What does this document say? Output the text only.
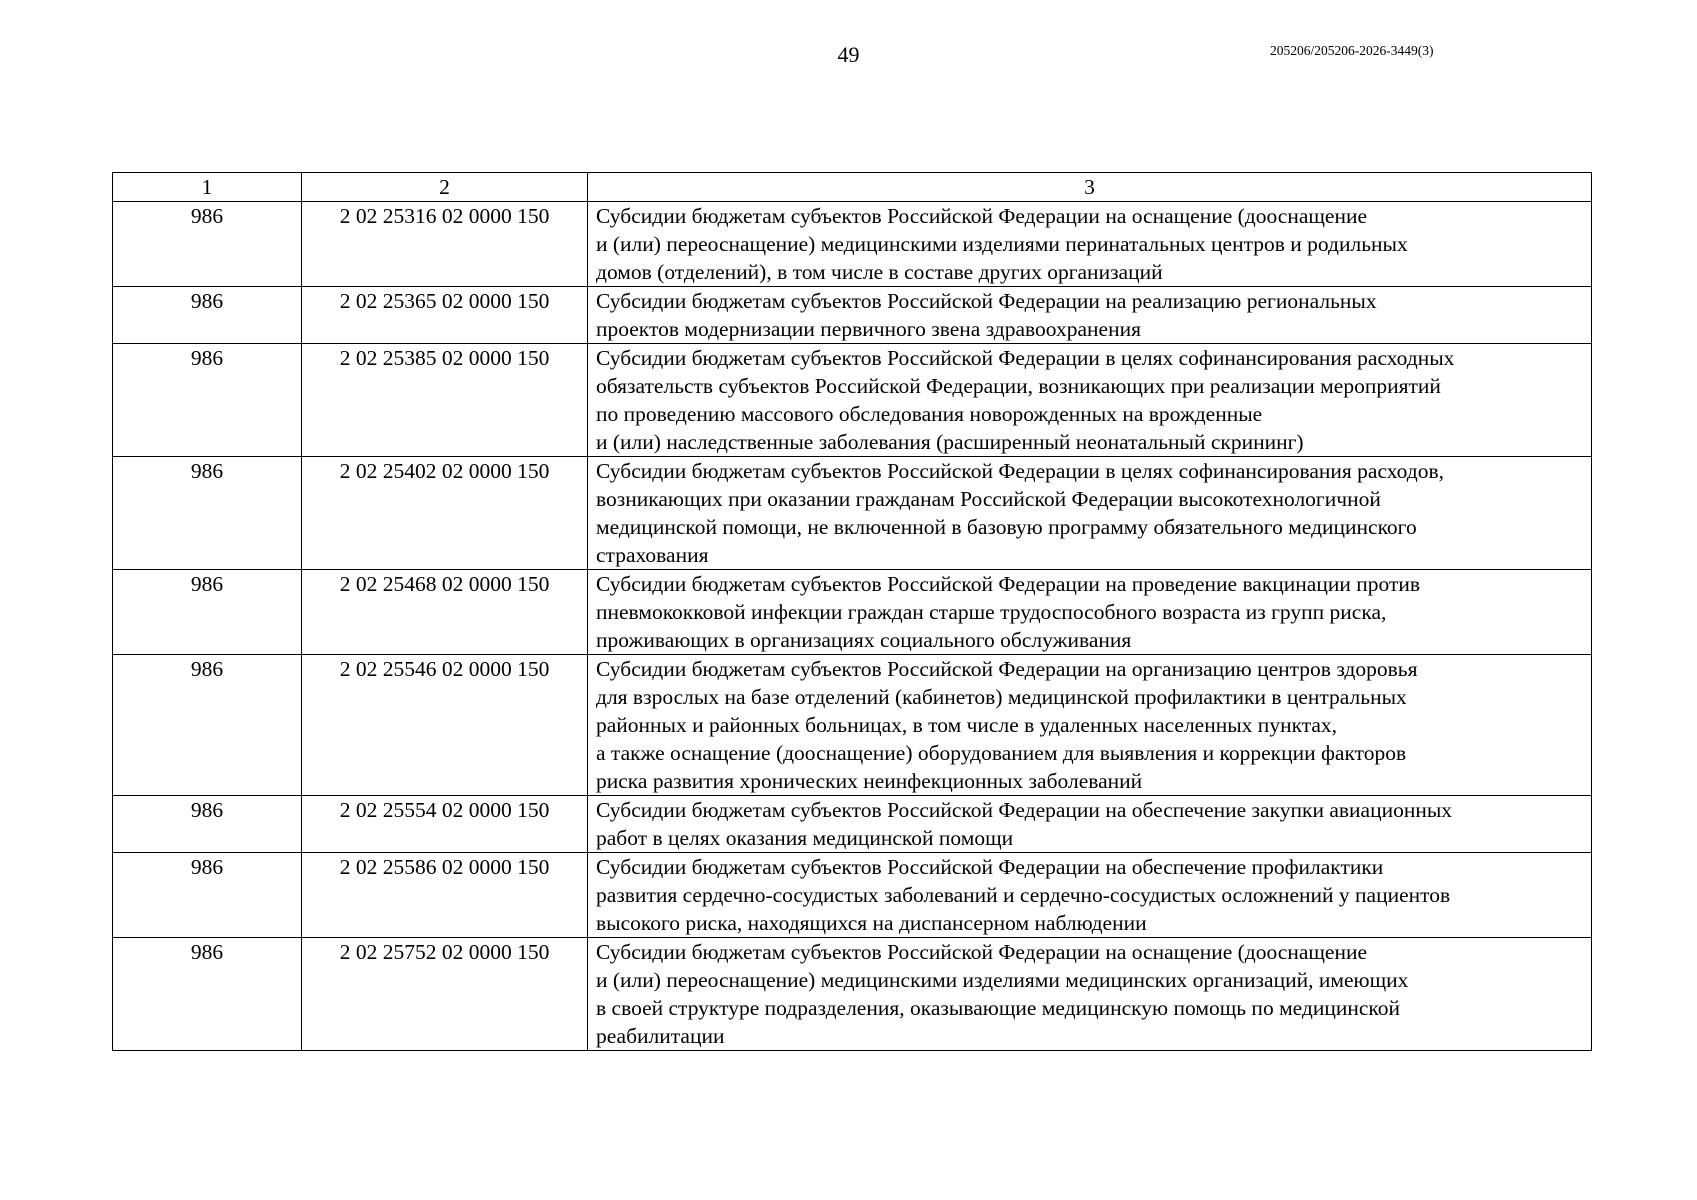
49	205206/205206-2026-3449(3)
1	2	3
986	2 02 25316 02 0000 150	Субсидии бюджетам субъектов Российской Федерации на оснащение (дооснащение
и (или) переоснащение) медицинскими изделиями перинатальных центров и родильных
домов (отделений), в том числе в составе других организаций

986	2 02 25365 02 0000 150	Субсидии бюджетам субъектов Российской Федерации на реализацию региональных
проектов модернизации первичного звена здравоохранения

986	2 02 25385 02 0000 150	Субсидии бюджетам субъектов Российской Федерации в целях софинансирования расходных
обязательств субъектов Российской Федерации, возникающих при реализации мероприятий
по проведению массового обследования новорожденных на врожденные
и (или) наследственные заболевания (расширенный неонатальный скрининг)

986	2 02 25402 02 0000 150	Субсидии бюджетам субъектов Российской Федерации в целях софинансирования расходов,
возникающих при оказании гражданам Российской Федерации высокотехнологичной
медицинской помощи, не включенной в базовую программу обязательного медицинского
страхования

986	2 02 25468 02 0000 150	Субсидии бюджетам субъектов Российской Федерации на проведение вакцинации против
пневмококковой инфекции граждан старше трудоспособного возраста из групп риска,
проживающих в организациях социального обслуживания

986	2 02 25546 02 0000 150	Субсидии бюджетам субъектов Российской Федерации на организацию центров здоровья
для взрослых на базе отделений (кабинетов) медицинской профилактики в центральных
районных и районных больницах, в том числе в удаленных населенных пунктах,
а также оснащение (дооснащение) оборудованием для выявления и коррекции факторов
риска развития хронических неинфекционных заболеваний

986	2 02 25554 02 0000 150	Субсидии бюджетам субъектов Российской Федерации на обеспечение закупки авиационных
работ в целях оказания медицинской помощи

986	2 02 25586 02 0000 150	Субсидии бюджетам субъектов Российской Федерации на обеспечение профилактики
развития сердечно-сосудистых заболеваний и сердечно-сосудистых осложнений у пациентов
высокого риска, находящихся на диспансерном наблюдении

986	2 02 25752 02 0000 150	Субсидии бюджетам субъектов Российской Федерации на оснащение (дооснащение
и (или) переоснащение) медицинскими изделиями медицинских организаций, имеющих
в своей структуре подразделения, оказывающие медицинскую помощь по медицинской
реабилитации
